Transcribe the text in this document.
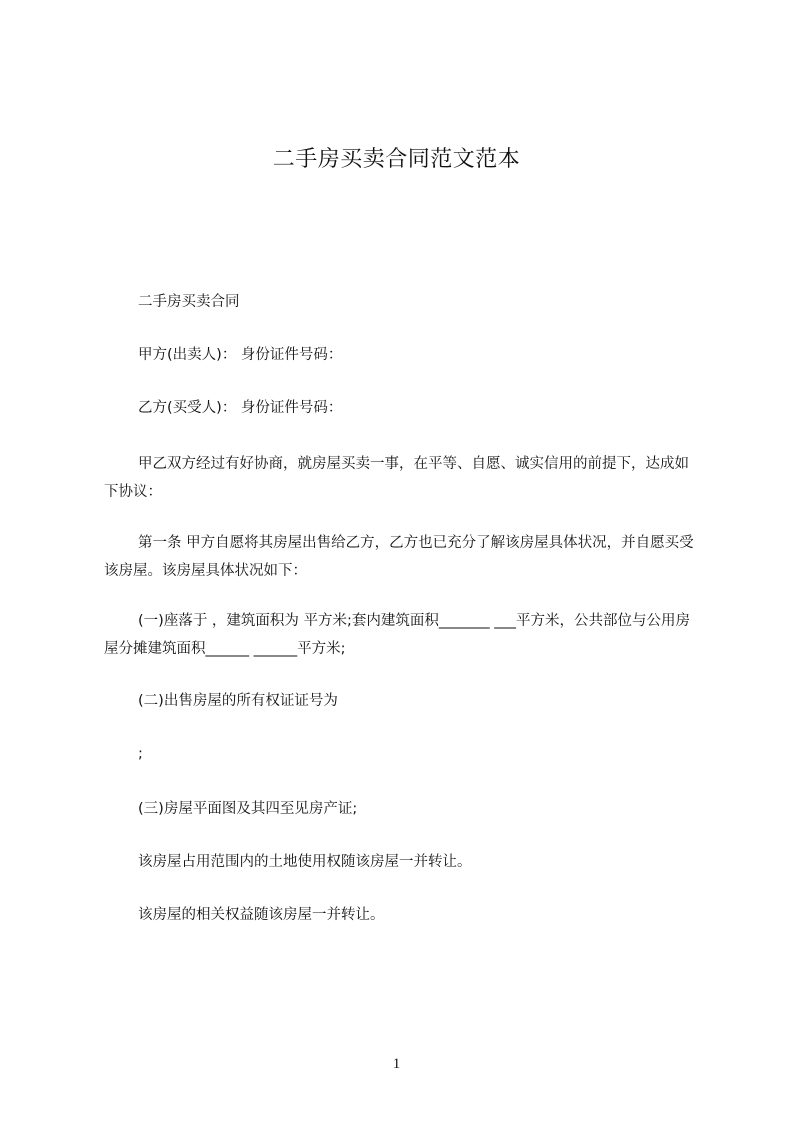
二手房买卖合同范文范本

二手房买卖合同

甲方(出卖人)： 身份证件号码：

乙方(买受人)： 身份证件号码：

甲乙双方经过有好协商，就房屋买卖一事，在平等、自愿、诚实信用的前提下，达成如下协议：

第一条 甲方自愿将其房屋出售给乙方，乙方也已充分了解该房屋具体状况，并自愿买受该房屋。该房屋具体状况如下：

(一)座落于 ，建筑面积为 平方米;套内建筑面积_______ ___平方米，公共部位与公用房屋分摊建筑面积______ ______平方米;

(二)出售房屋的所有权证证号为

;

(三)房屋平面图及其四至见房产证;

该房屋占用范围内的土地使用权随该房屋一并转让。

该房屋的相关权益随该房屋一并转让。

1
